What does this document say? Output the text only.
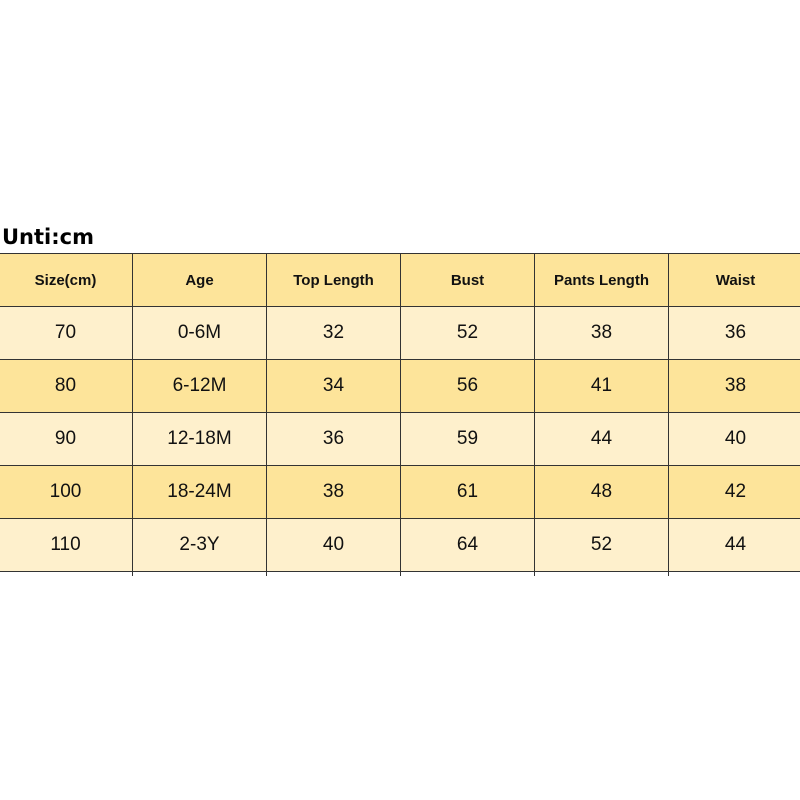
Unti:cm
Size(cm)	Age	Top Length	Bust	Pants Length	Waist
70	0-6M	32	52	38	36
80	6-12M	34	56	41	38
90	12-18M	36	59	44	40
100	18-24M	38	61	48	42
110	2-3Y	40	64	52	44
